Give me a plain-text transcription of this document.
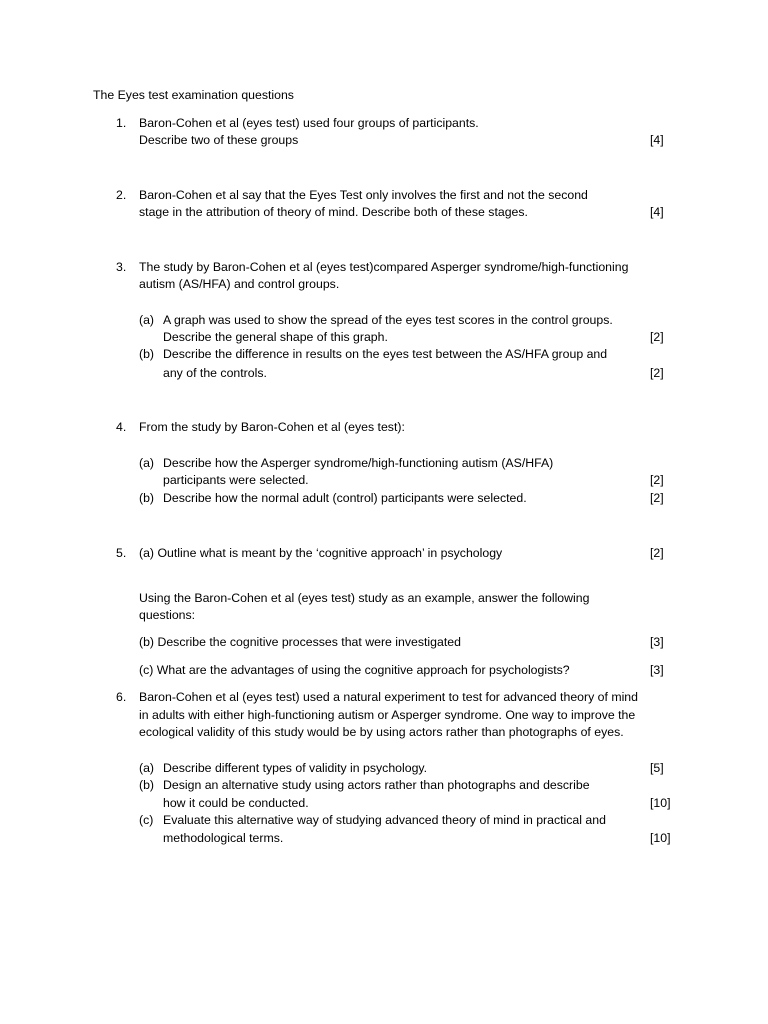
The Eyes test examination questions
1. Baron-Cohen et al (eyes test) used four groups of participants.
Describe two of these groups	[4]
2. Baron-Cohen et al say that the Eyes Test only involves the first and not the second
stage in the attribution of theory of mind. Describe both of these stages.	[4]
3. The study by Baron-Cohen et al (eyes test)compared Asperger syndrome/high-functioning
autism (AS/HFA) and control groups.
(a) A graph was used to show the spread of the eyes test scores in the control groups.
Describe the general shape of this graph.	[2]
(b) Describe the difference in results on the eyes test between the AS/HFA group and
any of the controls.	[2]
4. From the study by Baron-Cohen et al (eyes test):
(a) Describe how the Asperger syndrome/high-functioning autism (AS/HFA)
participants were selected.	[2]
(b) Describe how the normal adult (control) participants were selected.	[2]
5. (a) Outline what is meant by the ‘cognitive approach’ in psychology	[2]
Using the Baron-Cohen et al (eyes test) study as an example, answer the following
questions:
(b) Describe the cognitive processes that were investigated	[3]
(c) What are the advantages of using the cognitive approach for psychologists?	[3]
6. Baron-Cohen et al (eyes test) used a natural experiment to test for advanced theory of mind
in adults with either high-functioning autism or Asperger syndrome. One way to improve the
ecological validity of this study would be by using actors rather than photographs of eyes.
(a) Describe different types of validity in psychology.	[5]
(b) Design an alternative study using actors rather than photographs and describe
how it could be conducted.	[10]
(c) Evaluate this alternative way of studying advanced theory of mind in practical and
methodological terms.	[10]
